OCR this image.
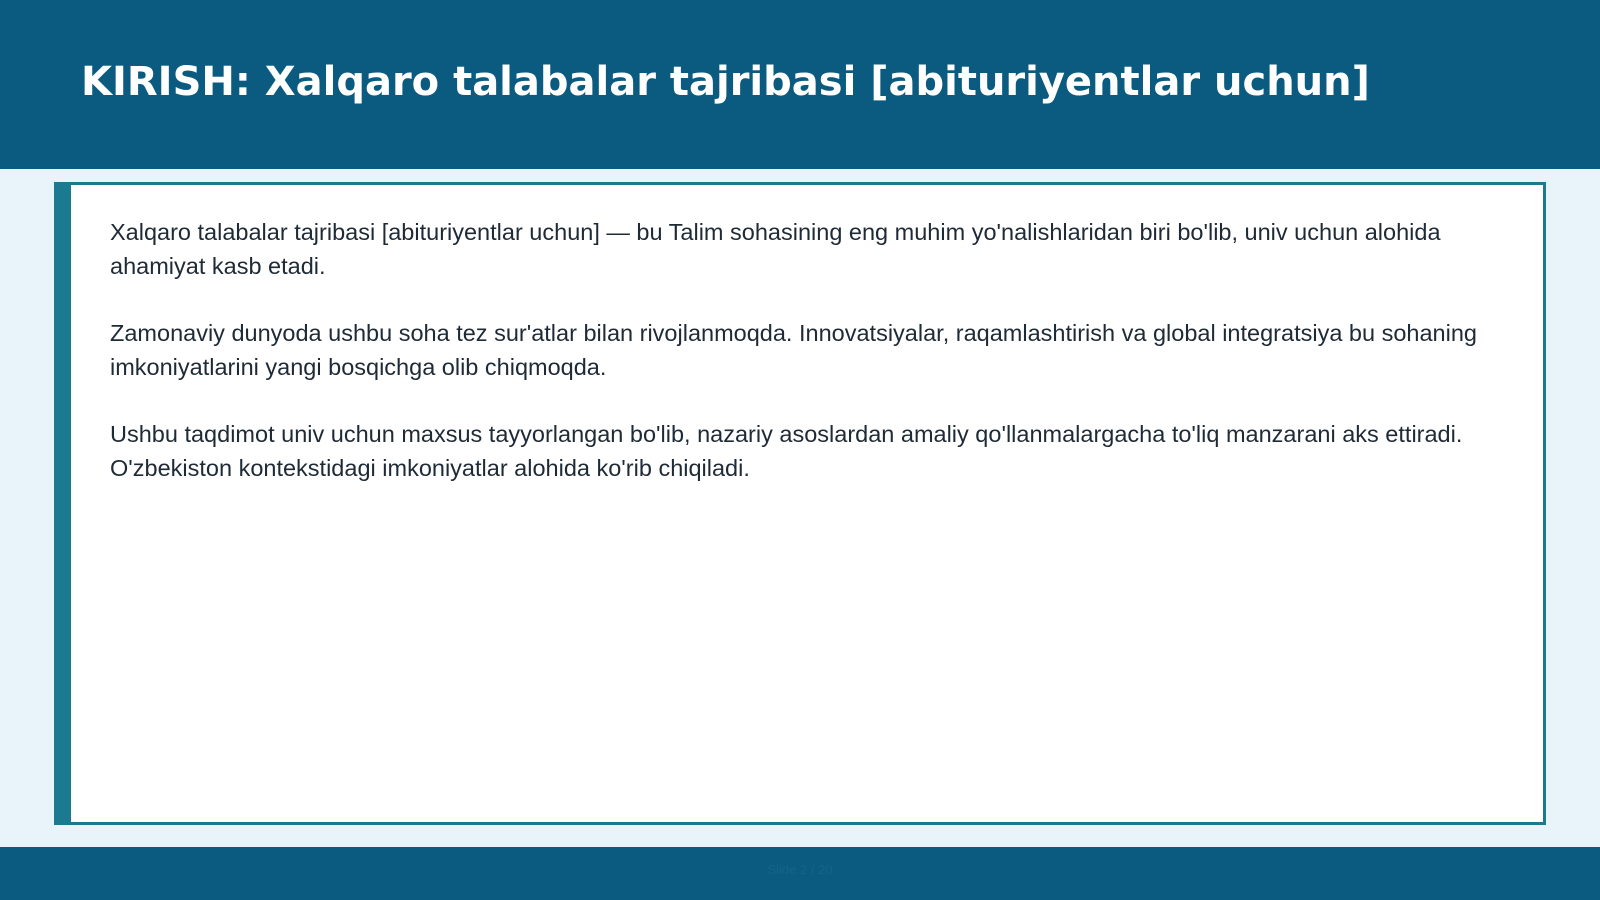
KIRISH: Xalqaro talabalar tajribasi [abituriyentlar uchun]

Xalqaro talabalar tajribasi [abituriyentlar uchun] — bu Talim sohasining eng muhim yo'nalishlaridan biri bo'lib, univ uchun alohida ahamiyat kasb etadi.

Zamonaviy dunyoda ushbu soha tez sur'atlar bilan rivojlanmoqda. Innovatsiyalar, raqamlashtirish va global integratsiya bu sohaning imkoniyatlarini yangi bosqichga olib chiqmoqda.

Ushbu taqdimot univ uchun maxsus tayyorlangan bo'lib, nazariy asoslardan amaliy qo'llanmalargacha to'liq manzarani aks ettiradi. O'zbekiston kontekstidagi imkoniyatlar alohida ko'rib chiqiladi.

Slide 2 / 20
